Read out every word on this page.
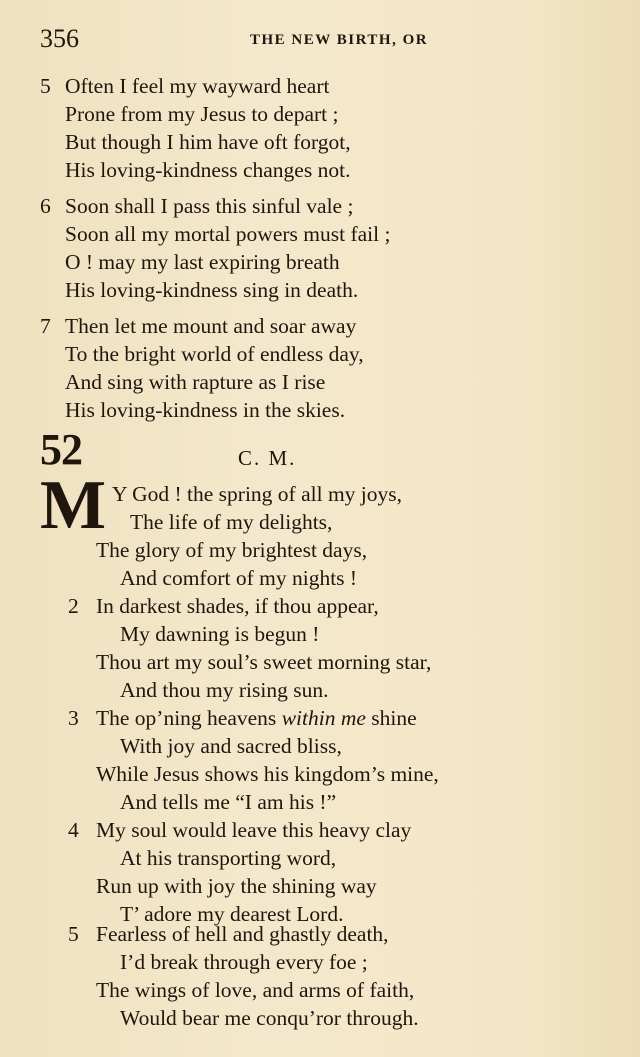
356	THE NEW BIRTH, OR
5 Often I feel my wayward heart
Prone from my Jesus to depart ;
But though I him have oft forgot,
His loving-kindness changes not.
6 Soon shall I pass this sinful vale ;
Soon all my mortal powers must fail ;
O ! may my last expiring breath
His loving-kindness sing in death.
7 Then let me mount and soar away
To the bright world of endless day,
And sing with rapture as I rise
His loving-kindness in the skies.
52	C. M.
M Y God ! the spring of all my joys,
The life of my delights,
The glory of my brightest days,
And comfort of my nights !
2 In darkest shades, if thou appear,
My dawning is begun !
Thou art my soul’s sweet morning star,
And thou my rising sun.
3 The op’ning heavens within me shine
With joy and sacred bliss,
While Jesus shows his kingdom’s mine,
And tells me “I am his !”
4 My soul would leave this heavy clay
At his transporting word,
Run up with joy the shining way
T’ adore my dearest Lord.
5 Fearless of hell and ghastly death,
I’d break through every foe ;
The wings of love, and arms of faith,
Would bear me conqu’ror through.
